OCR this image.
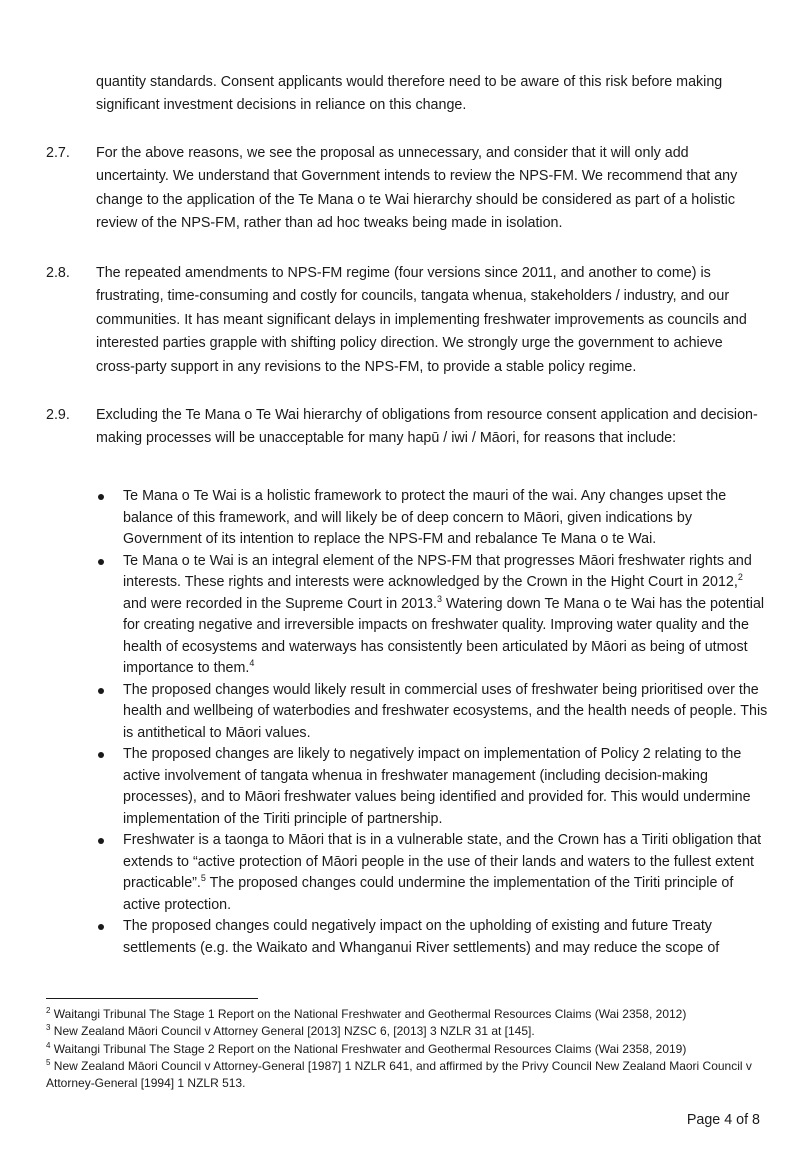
quantity standards. Consent applicants would therefore need to be aware of this risk before making significant investment decisions in reliance on this change.
2.7. For the above reasons, we see the proposal as unnecessary, and consider that it will only add uncertainty. We understand that Government intends to review the NPS-FM. We recommend that any change to the application of the Te Mana o te Wai hierarchy should be considered as part of a holistic review of the NPS-FM, rather than ad hoc tweaks being made in isolation.
2.8. The repeated amendments to NPS-FM regime (four versions since 2011, and another to come) is frustrating, time-consuming and costly for councils, tangata whenua, stakeholders / industry, and our communities. It has meant significant delays in implementing freshwater improvements as councils and interested parties grapple with shifting policy direction. We strongly urge the government to achieve cross-party support in any revisions to the NPS-FM, to provide a stable policy regime.
2.9. Excluding the Te Mana o Te Wai hierarchy of obligations from resource consent application and decision-making processes will be unacceptable for many hapū / iwi / Māori, for reasons that include:
Te Mana o Te Wai is a holistic framework to protect the mauri of the wai. Any changes upset the balance of this framework, and will likely be of deep concern to Māori, given indications by Government of its intention to replace the NPS-FM and rebalance Te Mana o te Wai.
Te Mana o te Wai is an integral element of the NPS-FM that progresses Māori freshwater rights and interests. These rights and interests were acknowledged by the Crown in the Hight Court in 2012,$^2$ and were recorded in the Supreme Court in 2013.$^3$ Watering down Te Mana o te Wai has the potential for creating negative and irreversible impacts on freshwater quality. Improving water quality and the health of ecosystems and waterways has consistently been articulated by Māori as being of utmost importance to them.$^4$
The proposed changes would likely result in commercial uses of freshwater being prioritised over the health and wellbeing of waterbodies and freshwater ecosystems, and the health needs of people. This is antithetical to Māori values.
The proposed changes are likely to negatively impact on implementation of Policy 2 relating to the active involvement of tangata whenua in freshwater management (including decision-making processes), and to Māori freshwater values being identified and provided for. This would undermine implementation of the Tiriti principle of partnership.
Freshwater is a taonga to Māori that is in a vulnerable state, and the Crown has a Tiriti obligation that extends to “active protection of Māori people in the use of their lands and waters to the fullest extent practicable”.$^5$ The proposed changes could undermine the implementation of the Tiriti principle of active protection.
The proposed changes could negatively impact on the upholding of existing and future Treaty settlements (e.g. the Waikato and Whanganui River settlements) and may reduce the scope of

$^2$ Waitangi Tribunal The Stage 1 Report on the National Freshwater and Geothermal Resources Claims (Wai 2358, 2012)

$^3$ New Zealand Māori Council v Attorney General [2013] NZSC 6, [2013] 3 NZLR 31 at [145].

$^4$ Waitangi Tribunal The Stage 2 Report on the National Freshwater and Geothermal Resources Claims (Wai 2358, 2019)

$^5$ New Zealand Māori Council v Attorney-General [1987] 1 NZLR 641, and affirmed by the Privy Council New Zealand Maori Council v Attorney-General [1994] 1 NZLR 513.

Page 4 of 8
